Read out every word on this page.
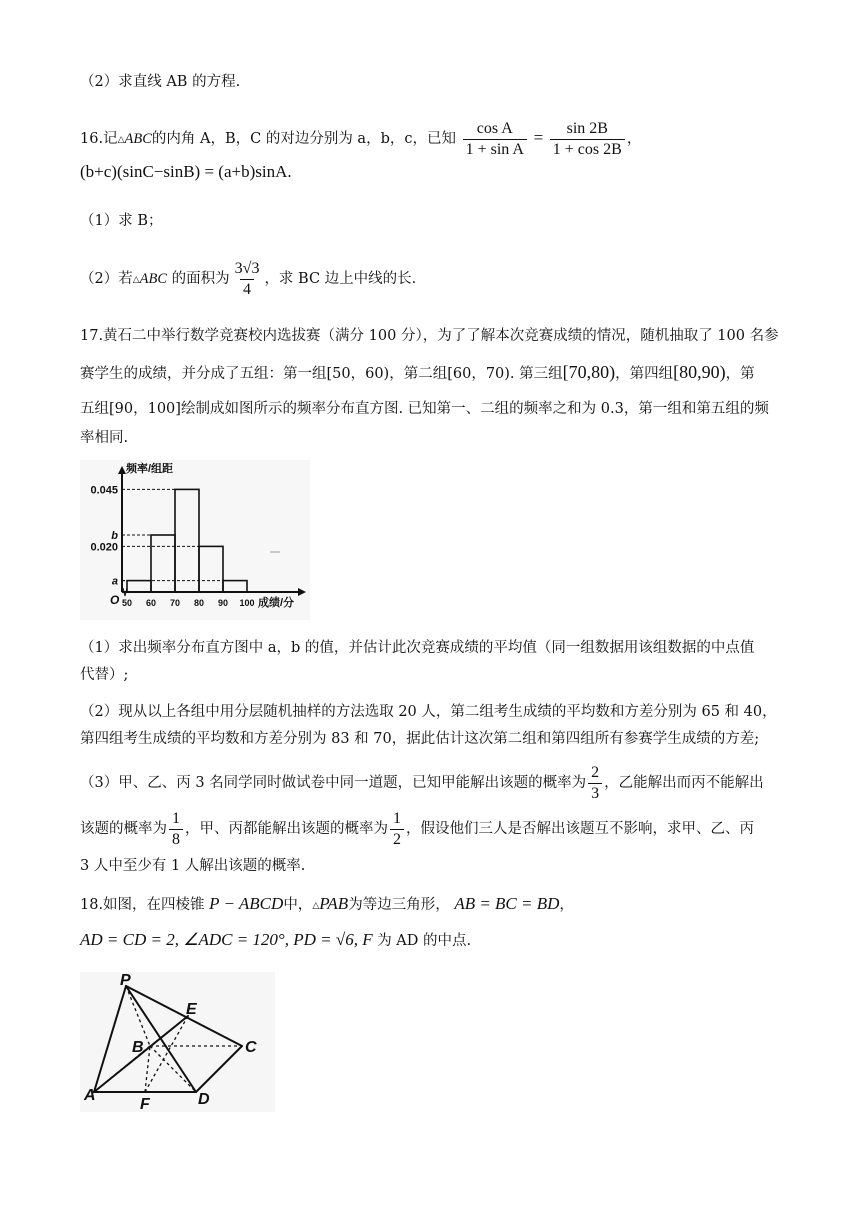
（2）求直线 AB 的方程.
16.记△ABC的内角 A，B，C 的对边分别为 a，b，c，已知 $\frac{\text{cos A}}{\text{1 + sin A}} = \frac{\sin 2B}{1 + \cos 2B}$ ，
(b+c)(sinC−sinB) = (a+b)sinA.
（1）求 B；
（2）若△ABC 的面积为 $\frac{3√3}{4}$ ，求 BC 边上中线的长.
17.黄石二中举行数学竞赛校内选拔赛（满分 100 分），为了了解本次竞赛成绩的情况，随机抽取了 100 名参
赛学生的成绩，并分成了五组：第一组[50，60)，第二组[60，70). 第三组[70,80)，第四组[80,90)，第
五组[90，100]绘制成如图所示的频率分布直方图. 已知第一、二组的频率之和为 0.3，第一组和第五组的频
率相同.
a
0.020
b
0.045
50 60 70 80 90 100
O
频率/组距
成绩/分
（1）求出频率分布直方图中 a，b 的值，并估计此次竞赛成绩的平均值（同一组数据用该组数据的中点值
代替）;
（2）现从以上各组中用分层随机抽样的方法选取 20 人，第二组考生成绩的平均数和方差分别为 65 和 40，
第四组考生成绩的平均数和方差分别为 83 和 70，据此估计这次第二组和第四组所有参赛学生成绩的方差;
（3）甲、乙、丙 3 名同学同时做试卷中同一道题，已知甲能解出该题的概率为 $\frac{2}{3}$ ，乙能解出而丙不能解出
该题的概率为 $\frac{1}{8}$ ，甲、丙都能解出该题的概率为 $\frac{1}{2}$ ，假设他们三人是否解出该题互不影响，求甲、乙、丙
3 人中至少有 1 人解出该题的概率.
18.如图，在四棱锥 P − ABCD中，△PAB为等边三角形， AB = BC = BD，
AD = CD = 2, ∠ADC = 120°, PD = √6, F 为 AD 的中点.
P
E
B	C
A
F	D
